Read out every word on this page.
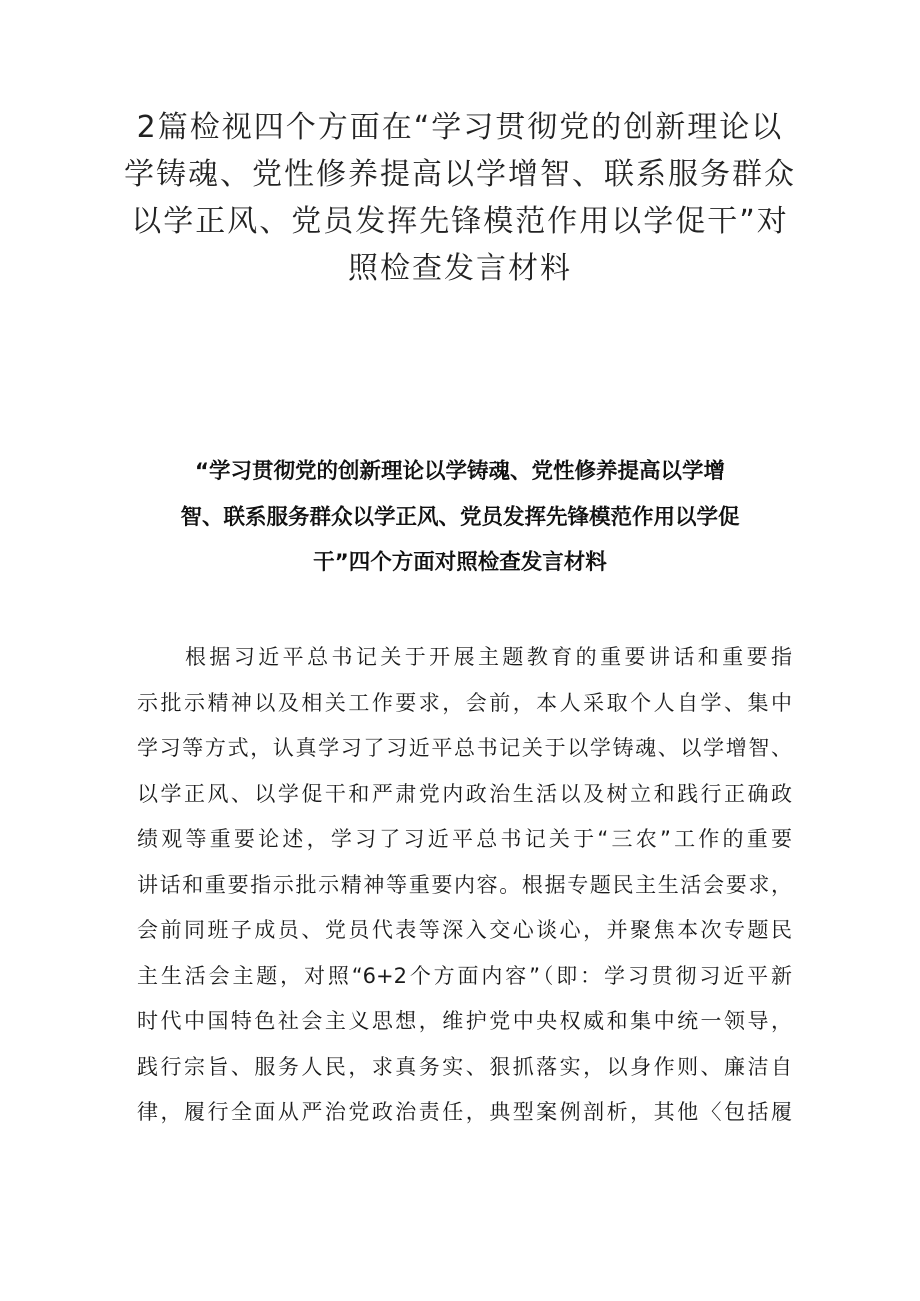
2篇检视四个方面在“学习贯彻党的创新理论以
学铸魂、党性修养提高以学增智、联系服务群众
以学正风、党员发挥先锋模范作用以学促干”对
照检查发言材料
“学习贯彻党的创新理论以学铸魂、党性修养提高以学增
智、联系服务群众以学正风、党员发挥先锋模范作用以学促
干”四个方面对照检查发言材料
根据习近平总书记关于开展主题教育的重要讲话和重要指
示批示精神以及相关工作要求，会前，本人采取个人自学、集中
学习等方式，认真学习了习近平总书记关于以学铸魂、以学增智、
以学正风、以学促干和严肃党内政治生活以及树立和践行正确政
绩观等重要论述，学习了习近平总书记关于“三农”工作的重要
讲话和重要指示批示精神等重要内容。根据专题民主生活会要求，
会前同班子成员、党员代表等深入交心谈心，并聚焦本次专题民
主生活会主题，对照“6+2个方面内容”（即：学习贯彻习近平新
时代中国特色社会主义思想，维护党中央权威和集中统一领导，
践行宗旨、服务人民，求真务实、狠抓落实，以身作则、廉洁自
律，履行全面从严治党政治责任，典型案例剖析，其他〈包括履
